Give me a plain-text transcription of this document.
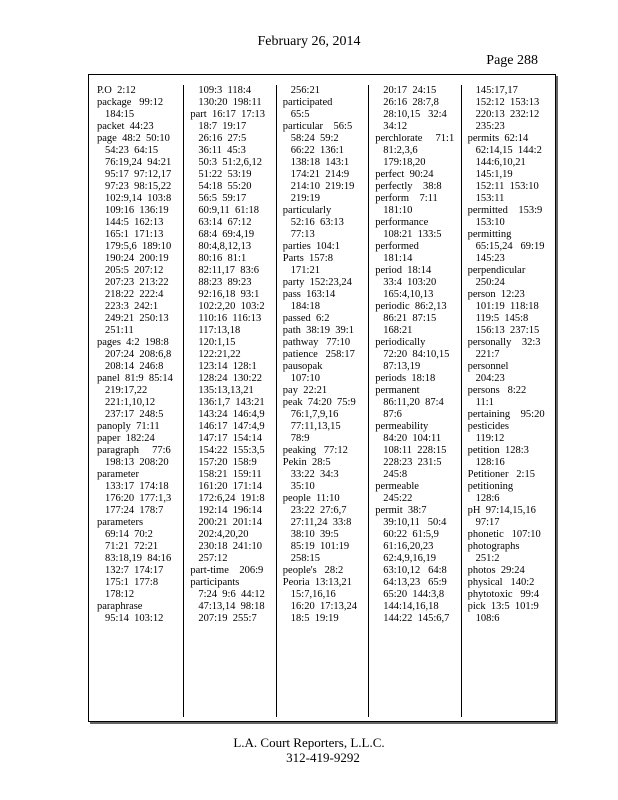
February 26, 2014
Page 288
P.O  2:12
package   99:12
184:15
packet  44:23
page  48:2  50:10
54:23  64:15
76:19,24  94:21
95:17  97:12,17
97:23  98:15,22
102:9,14  103:8
109:16  136:19
144:5  162:13
165:1  171:13
179:5,6  189:10
190:24  200:19
205:5  207:12
207:23  213:22
218:22  222:4
223:3  242:1
249:21  250:13
251:11
pages  4:2  198:8
207:24  208:6,8
208:14  246:8
panel  81:9  85:14
219:17,22
221:1,10,12
237:17  248:5
panoply  71:11
paper  182:24
paragraph     77:6
198:13  208:20
parameter
133:17  174:18
176:20  177:1,3
177:24  178:7
parameters
69:14  70:2
71:21  72:21
83:18,19  84:16
132:7  174:17
175:1  177:8
178:12
paraphrase
95:14  103:12
109:3  118:4
130:20  198:11
part  16:17  17:13
18:7  19:17
26:16  27:5
36:11  45:3
50:3  51:2,6,12
51:22  53:19
54:18  55:20
56:5  59:17
60:9,11  61:18
63:14  67:12
68:4  69:4,19
80:4,8,12,13
80:16  81:1
82:11,17  83:6
88:23  89:23
92:16,18  93:1
102:2,20  103:2
110:16  116:13
117:13,18
120:1,15
122:21,22
123:14  128:1
128:24  130:22
135:13,13,21
136:1,7  143:21
143:24  146:4,9
146:17  147:4,9
147:17  154:14
154:22  155:3,5
157:20  158:9
158:21  159:11
161:20  171:14
172:6,24  191:8
192:14  196:14
200:21  201:14
202:4,20,20
230:18  241:10
257:12
part-time    206:9
participants
7:24  9:6  44:12
47:13,14  98:18
207:19  255:7
256:21
participated
65:5
particular    56:5
58:24  59:2
66:22  136:1
138:18  143:1
174:21  214:9
214:10  219:19
219:19
particularly
52:16  63:13
77:13
parties  104:1
Parts  157:8
171:21
party  152:23,24
pass  163:14
184:18
passed  6:2
path  38:19  39:1
pathway   77:10
patience   258:17
pausopak
107:10
pay  22:21
peak  74:20  75:9
76:1,7,9,16
77:11,13,15
78:9
peaking   77:12
Pekin  28:5
33:22  34:3
35:10
people  11:10
23:22  27:6,7
27:11,24  33:8
38:10  39:5
85:19  101:19
258:15
people's   28:2
Peoria  13:13,21
15:7,16,16
16:20  17:13,24
18:5  19:19
20:17  24:15
26:16  28:7,8
28:10,15   32:4
34:12
perchlorate     71:1
81:2,3,6
179:18,20
perfect  90:24
perfectly    38:8
perform    7:11
181:10
performance
108:21  133:5
performed
181:14
period  18:14
33:4  103:20
165:4,10,13
periodic  86:2,13
86:21  87:15
168:21
periodically
72:20  84:10,15
87:13,19
periods  18:18
permanent
86:11,20  87:4
87:6
permeability
84:20  104:11
108:11  228:15
228:23  231:5
245:8
permeable
245:22
permit  38:7
39:10,11   50:4
60:22  61:5,9
61:16,20,23
62:4,9,16,19
63:10,12   64:8
64:13,23   65:9
65:20  144:3,8
144:14,16,18
144:22  145:6,7
145:17,17
152:12  153:13
220:13  232:12
235:23
permits  62:14
62:14,15  144:2
144:6,10,21
145:1,19
152:11  153:10
153:11
permitted    153:9
153:10
permitting
65:15,24   69:19
145:23
perpendicular
250:24
person  12:23
101:19  118:18
119:5  145:8
156:13  237:15
personally    32:3
221:7
personnel
204:23
persons   8:22
11:1
pertaining    95:20
pesticides
119:12
petition  128:3
128:16
Petitioner   2:15
petitioning
128:6
pH  97:14,15,16
97:17
phonetic   107:10
photographs
251:2
photos  29:24
physical   140:2
phytotoxic   99:4
pick  13:5  101:9
108:6
L.A. Court Reporters, L.L.C.
312-419-9292
